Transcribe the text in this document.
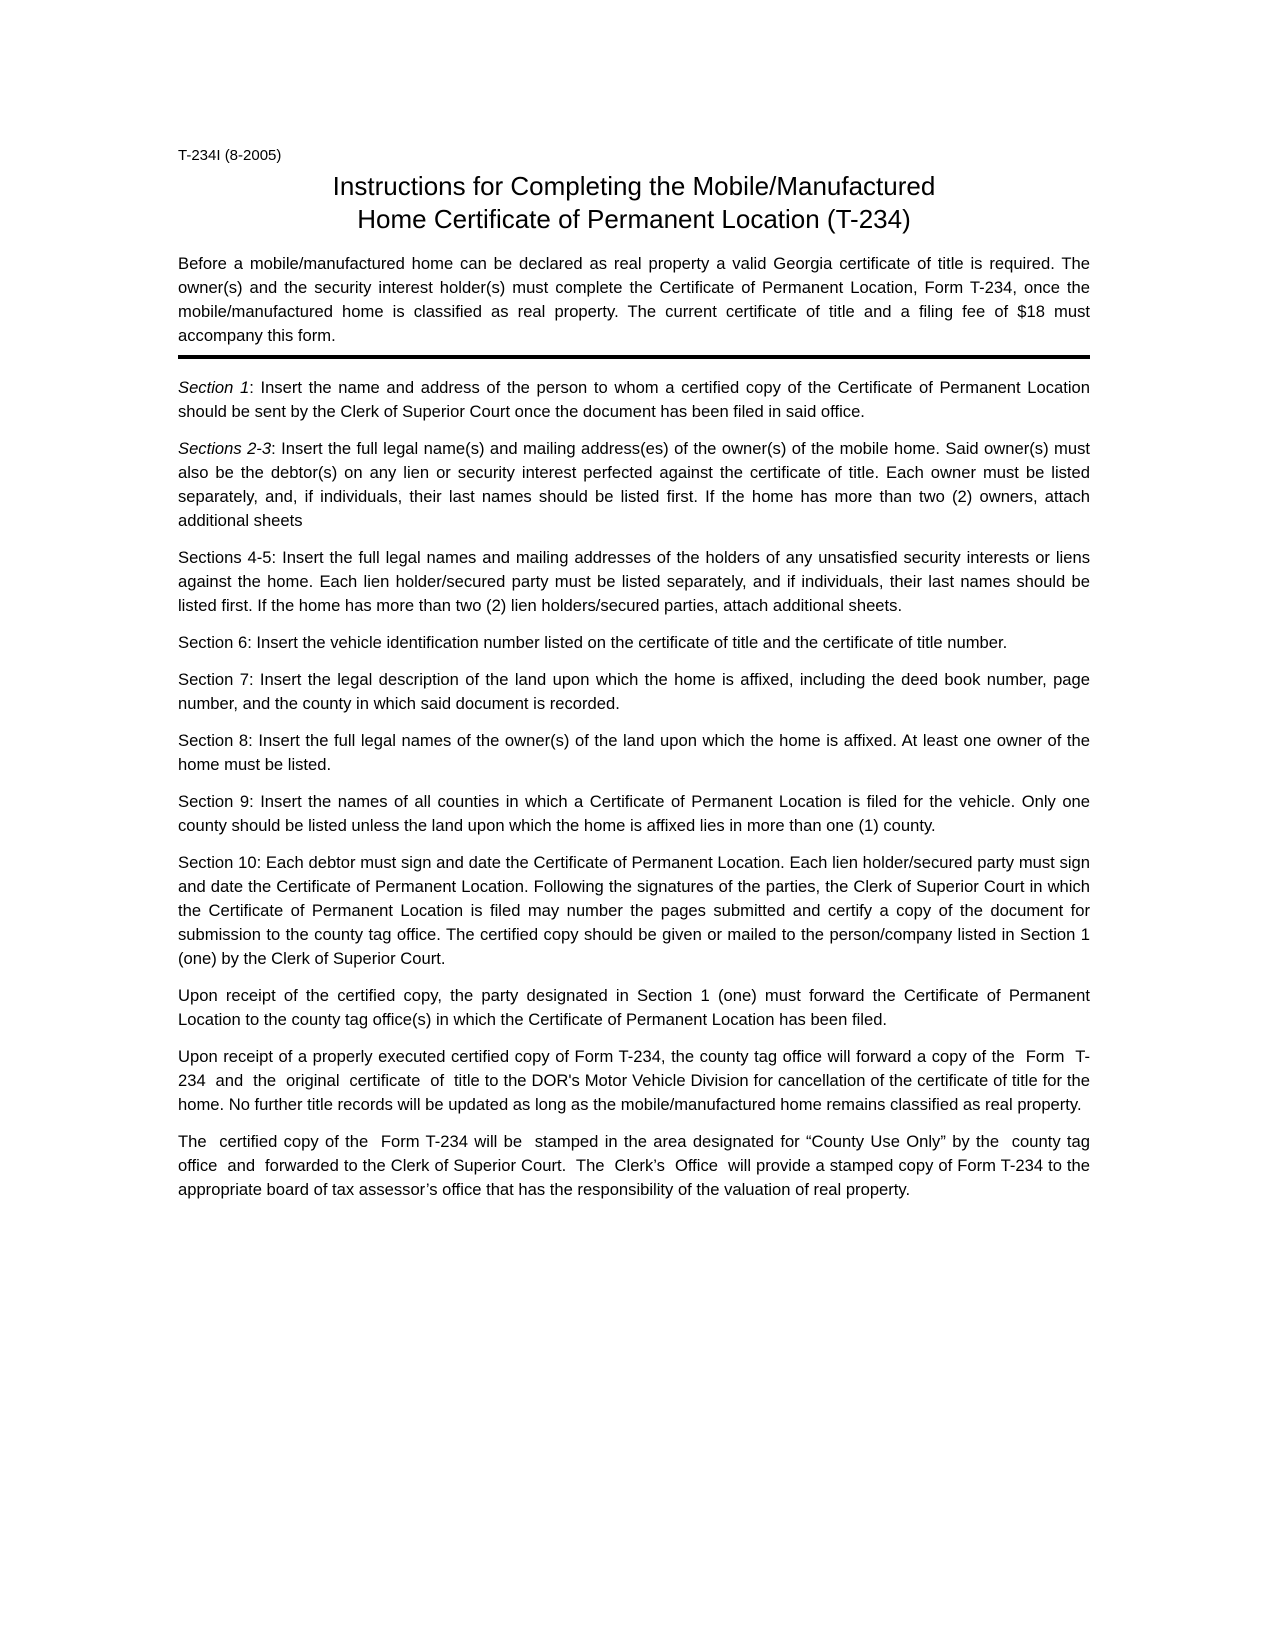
T-234I (8-2005)
Instructions for Completing the Mobile/Manufactured
Home Certificate of Permanent Location (T-234)

Before a mobile/manufactured home can be declared as real property a valid Georgia certificate of title is required. The owner(s) and the security interest holder(s) must complete the Certificate of Permanent Location, Form T-234, once the mobile/manufactured home is classified as real property. The current certificate of title and a filing fee of $18 must accompany this form.

Section 1: Insert the name and address of the person to whom a certified copy of the Certificate of Permanent Location should be sent by the Clerk of Superior Court once the document has been filed in said office.

Sections 2-3: Insert the full legal name(s) and mailing address(es) of the owner(s) of the mobile home. Said owner(s) must also be the debtor(s) on any lien or security interest perfected against the certificate of title. Each owner must be listed separately, and, if individuals, their last names should be listed first. If the home has more than two (2) owners, attach additional sheets

Sections 4-5: Insert the full legal names and mailing addresses of the holders of any unsatisfied security interests or liens against the home. Each lien holder/secured party must be listed separately, and if individuals, their last names should be listed first. If the home has more than two (2) lien holders/secured parties, attach additional sheets.

Section 6: Insert the vehicle identification number listed on the certificate of title and the certificate of title number.

Section 7: Insert the legal description of the land upon which the home is affixed, including the deed book number, page number, and the county in which said document is recorded.

Section 8: Insert the full legal names of the owner(s) of the land upon which the home is affixed. At least one owner of the home must be listed.

Section 9: Insert the names of all counties in which a Certificate of Permanent Location is filed for the vehicle. Only one county should be listed unless the land upon which the home is affixed lies in more than one (1) county.

Section 10: Each debtor must sign and date the Certificate of Permanent Location. Each lien holder/secured party must sign and date the Certificate of Permanent Location. Following the signatures of the parties, the Clerk of Superior Court in which the Certificate of Permanent Location is filed may number the pages submitted and certify a copy of the document for submission to the county tag office. The certified copy should be given or mailed to the person/company listed in Section 1 (one) by the Clerk of Superior Court.

Upon receipt of the certified copy, the party designated in Section 1 (one) must forward the Certificate of Permanent Location to the county tag office(s) in which the Certificate of Permanent Location has been filed.

Upon receipt of a properly executed certified copy of Form T-234, the county tag office will forward a copy of the  Form  T-234  and  the  original  certificate  of  title to the DOR's Motor Vehicle Division for cancellation of the certificate of title for the home. No further title records will be updated as long as the mobile/manufactured home remains classified as real property.

The  certified copy of the  Form T-234 will be  stamped in the area designated for “County Use Only” by the  county tag office  and  forwarded to the Clerk of Superior Court.  The  Clerk’s  Office  will provide a stamped copy of Form T-234 to the appropriate board of tax assessor’s office that has the responsibility of the valuation of real property.
